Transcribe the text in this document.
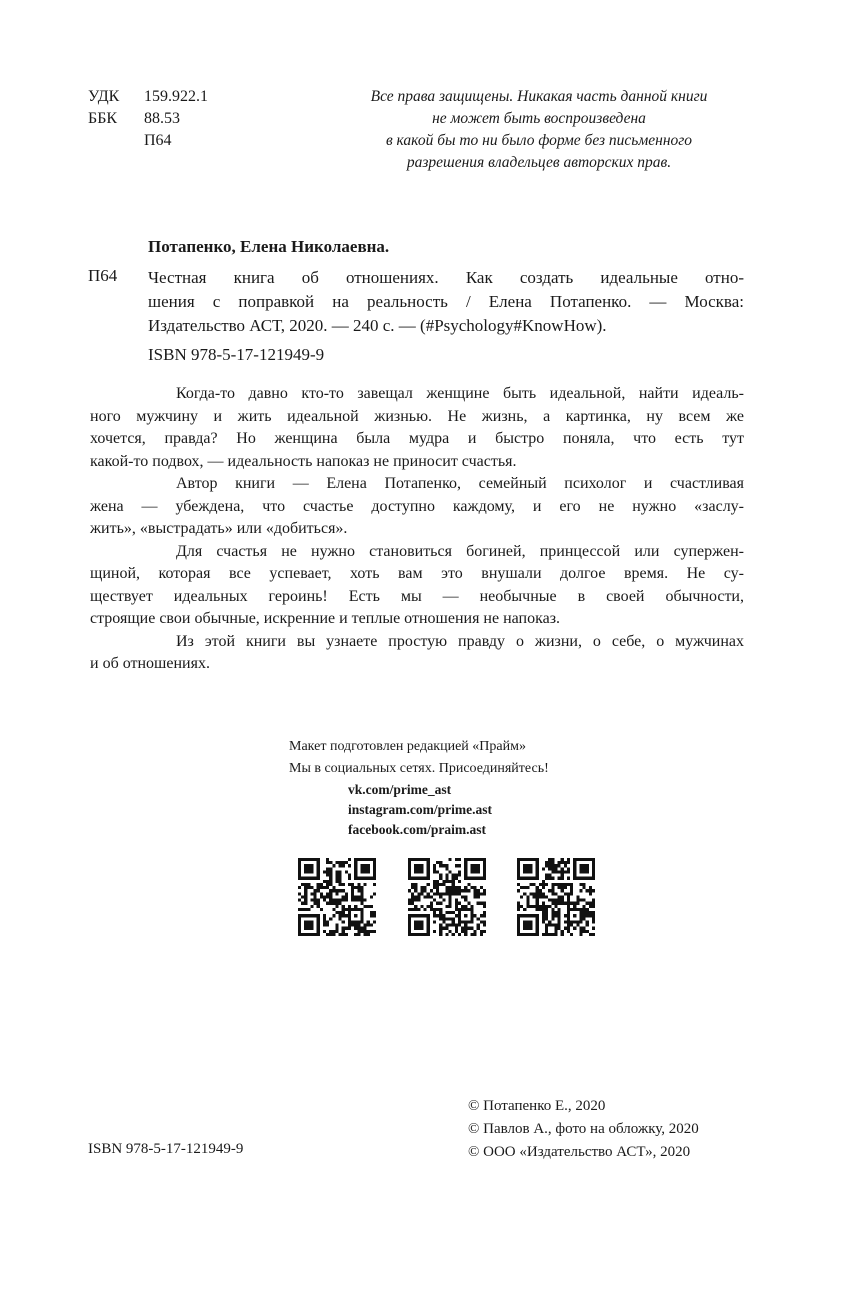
УДК 159.922.1
ББК 88.53
П64
Все права защищены. Никакая часть данной книги
не может быть воспроизведена
в какой бы то ни было форме без письменного
разрешения владельцев авторских прав.
Потапенко, Елена Николаевна.
П64 Честная книга об отношениях. Как создать идеальные отно-
шения с поправкой на реальность / Елена Потапенко. — Москва:
Издательство АСТ, 2020. — 240 с. — (#Psychology#KnowHow).
ISBN 978-5-17-121949-9
Когда-то давно кто-то завещал женщине быть идеальной, найти идеаль-
ного мужчину и жить идеальной жизнью. Не жизнь, а картинка, ну всем же
хочется, правда? Но женщина была мудра и быстро поняла, что есть тут
какой-то подвох, — идеальность напоказ не приносит счастья.
Автор книги — Елена Потапенко, семейный психолог и счастливая
жена — убеждена, что счастье доступно каждому, и его не нужно «заслу-
жить», «выстрадать» или «добиться».
Для счастья не нужно становиться богиней, принцессой или супержен-
щиной, которая все успевает, хоть вам это внушали долгое время. Не су-
ществует идеальных героинь! Есть мы — необычные в своей обычности,
строящие свои обычные, искренние и теплые отношения не напоказ.
Из этой книги вы узнаете простую правду о жизни, о себе, о мужчинах
и об отношениях.
Макет подготовлен редакцией «Прайм»
Мы в социальных сетях. Присоединяйтесь!
vk.com/prime_ast
instagram.com/prime.ast
facebook.com/praim.ast
© Потапенко Е., 2020
© Павлов А., фото на обложку, 2020
© ООО «Издательство АСТ», 2020
ISBN 978-5-17-121949-9
